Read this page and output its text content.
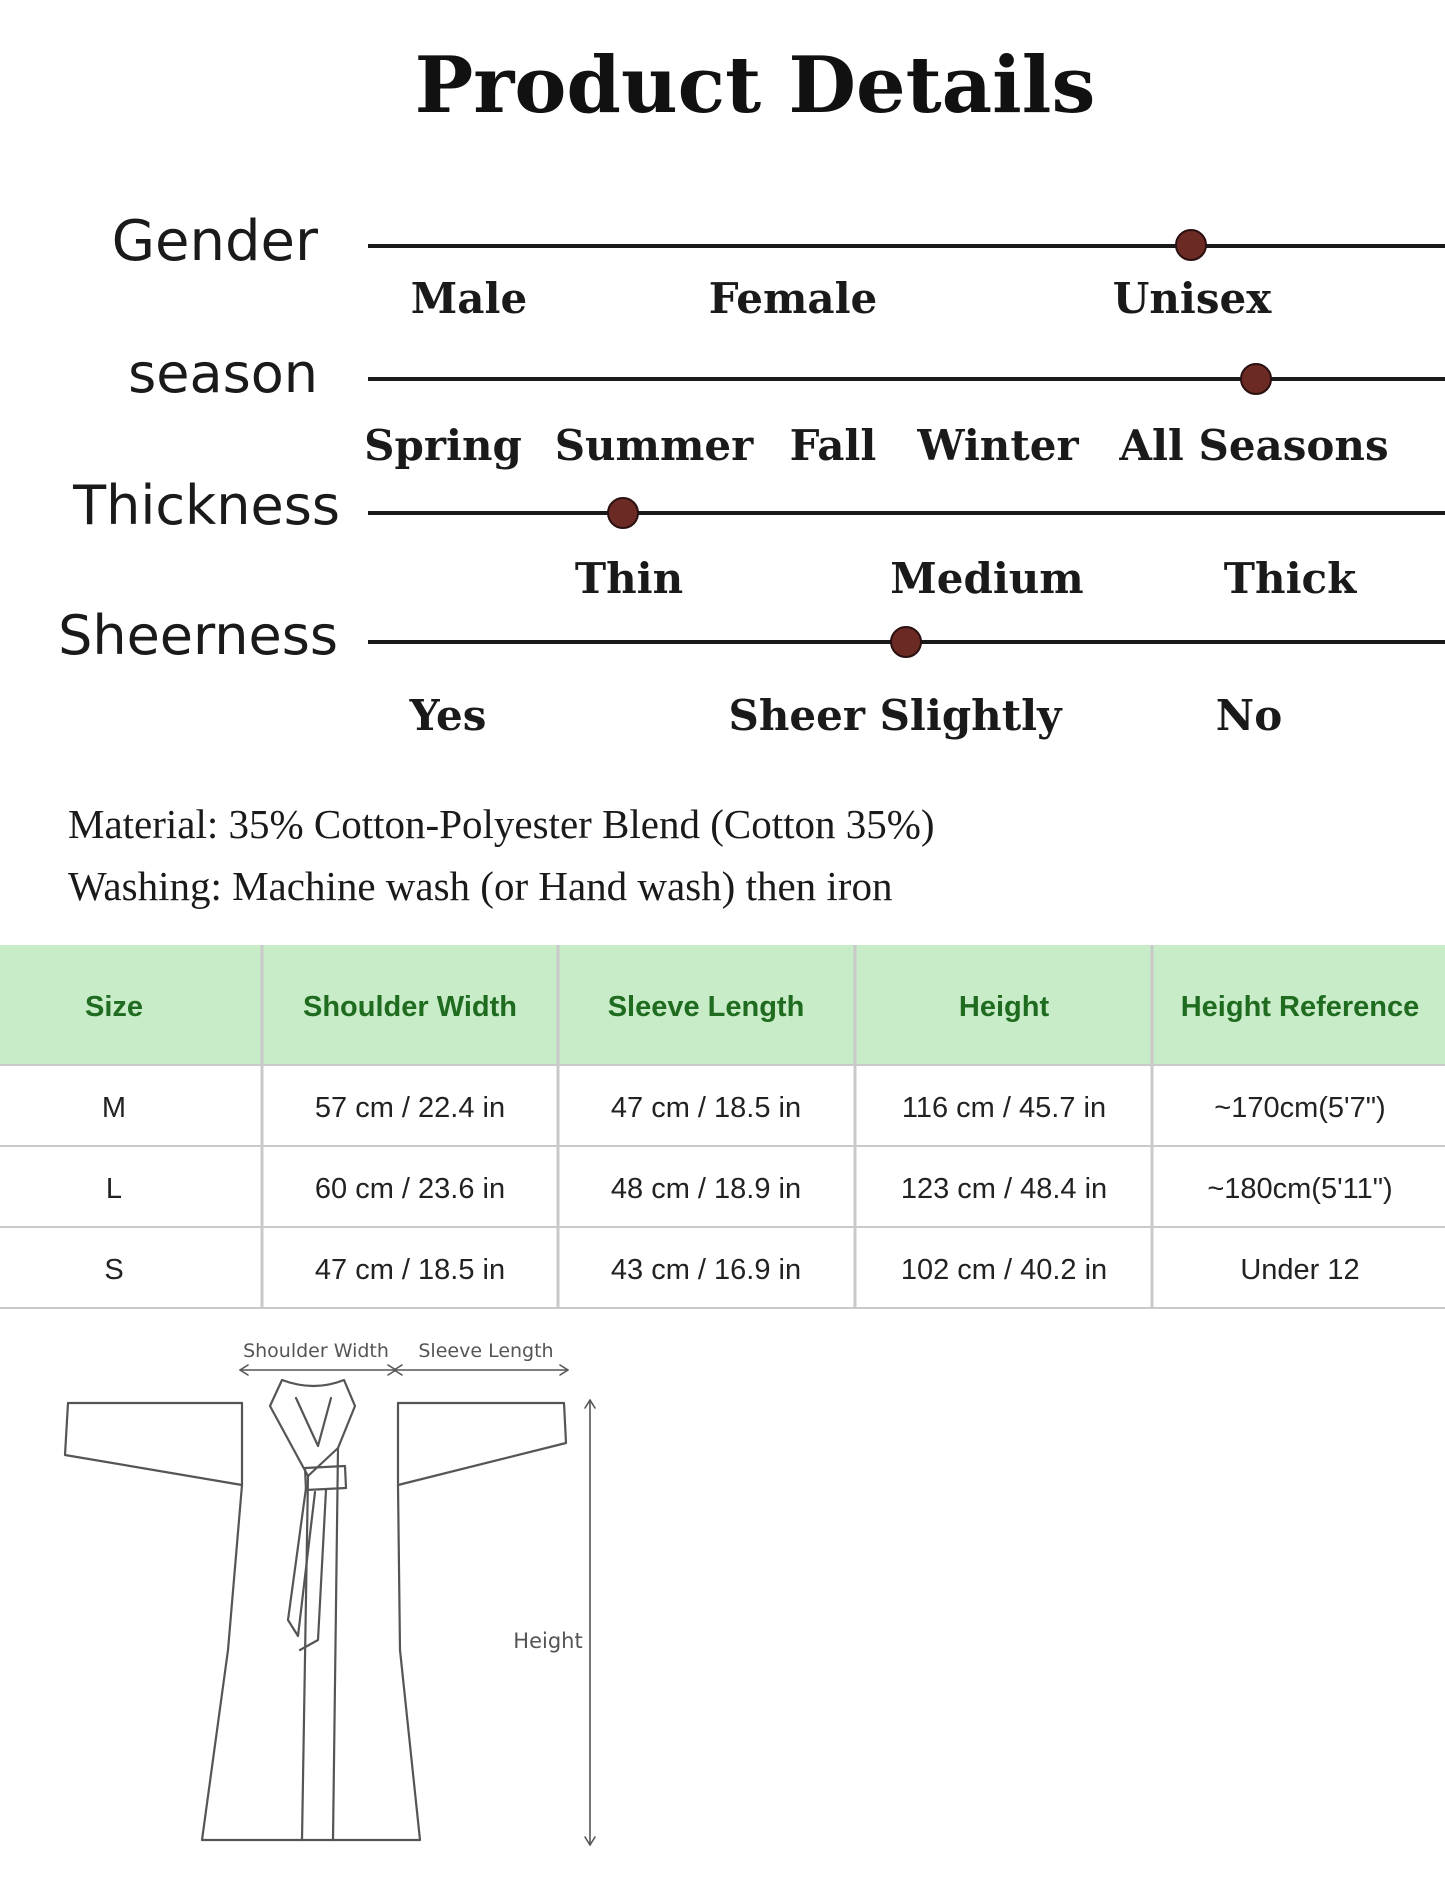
Product Details
Gender
season
Thickness
Sheerness
Male	Female	Unisex
Spring Summer Fall Winter All Seasons
Thin	Medium	Thick
Yes	Sheer Slightly	No
Material: 35% Cotton-Polyester Blend (Cotton 35%)
Washing: Machine wash (or Hand wash) then iron
Size	Shoulder Width	Sleeve Length	Height	Height Reference
M	57 cm / 22.4 in	47 cm / 18.5 in	116 cm / 45.7 in	~170cm(5'7")
L	60 cm / 23.6 in	48 cm / 18.9 in	123 cm / 48.4 in	~180cm(5'11")
S	47 cm / 18.5 in	43 cm / 16.9 in	102 cm / 40.2 in	Under 12
Shoulder Width Sleeve Length
Height
